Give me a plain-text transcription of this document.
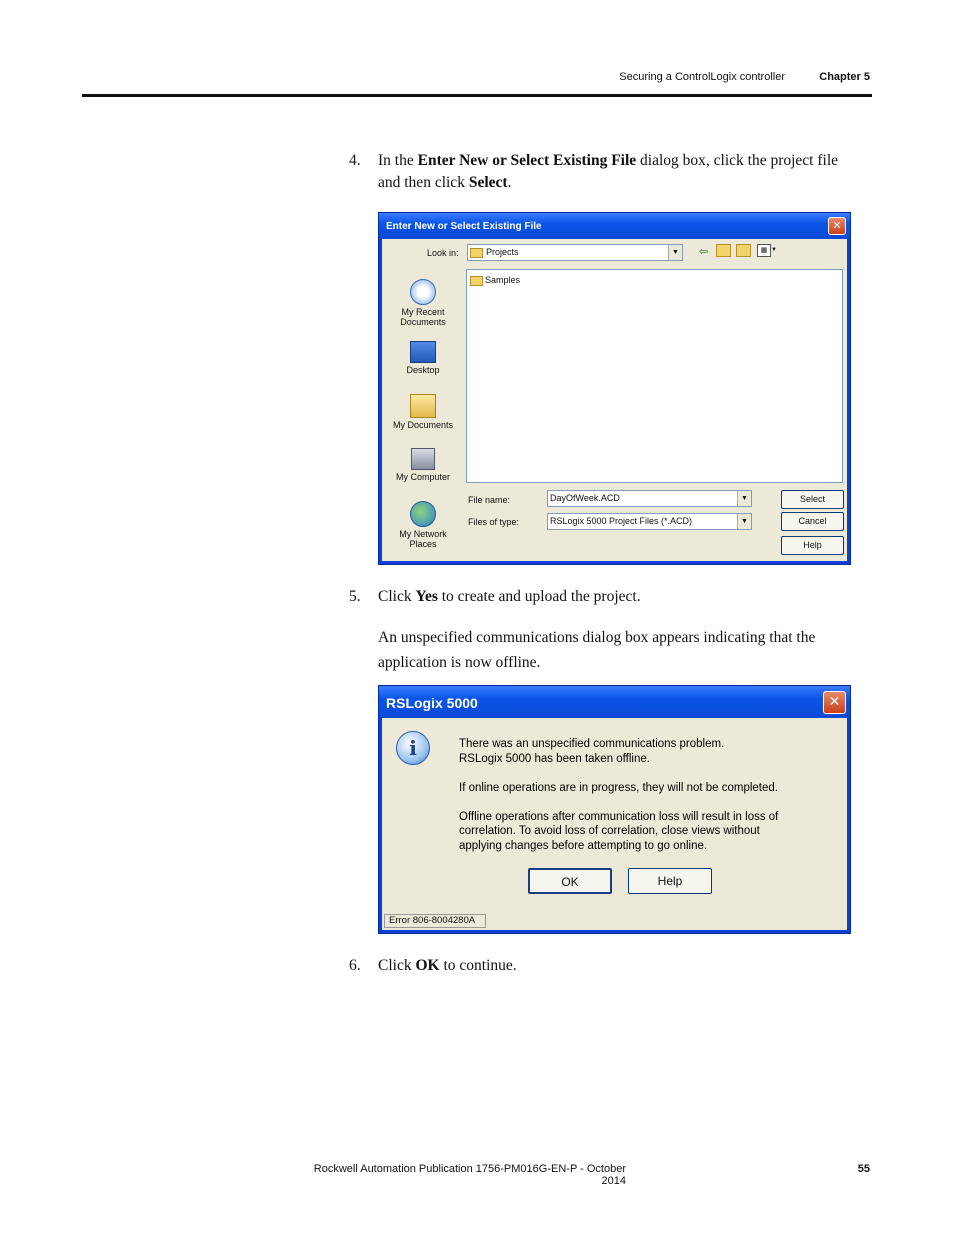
Securing a ControlLogix controller	Chapter 5
4. In the Enter New or Select Existing File dialog box, click the project file and then click Select.
Enter New or Select Existing File	✕
Look in:	Projects	▼ ⇦	▦ ▼
My Recent Documents
Desktop
My Documents
My Computer
My Network Places
Samples
File name:	DayOfWeek.ACD	▼
Files of type:	RSLogix 5000 Project Files (*.ACD)	▼
Select
Cancel
Help
5. Click Yes to create and upload the project.
An unspecified communications dialog box appears indicating that the application is now offline.
RSLogix 5000	✕
i	There was an unspecified communications problem.
RSLogix 5000 has been taken offline.
If online operations are in progress, they will not be completed.
Offline operations after communication loss will result in loss of
correlation. To avoid loss of correlation, close views without
applying changes before attempting to go online.
OK	Help
Error 806-8004280A
6. Click OK to continue.
Rockwell Automation Publication 1756-PM016G-EN-P - October 2014
55
